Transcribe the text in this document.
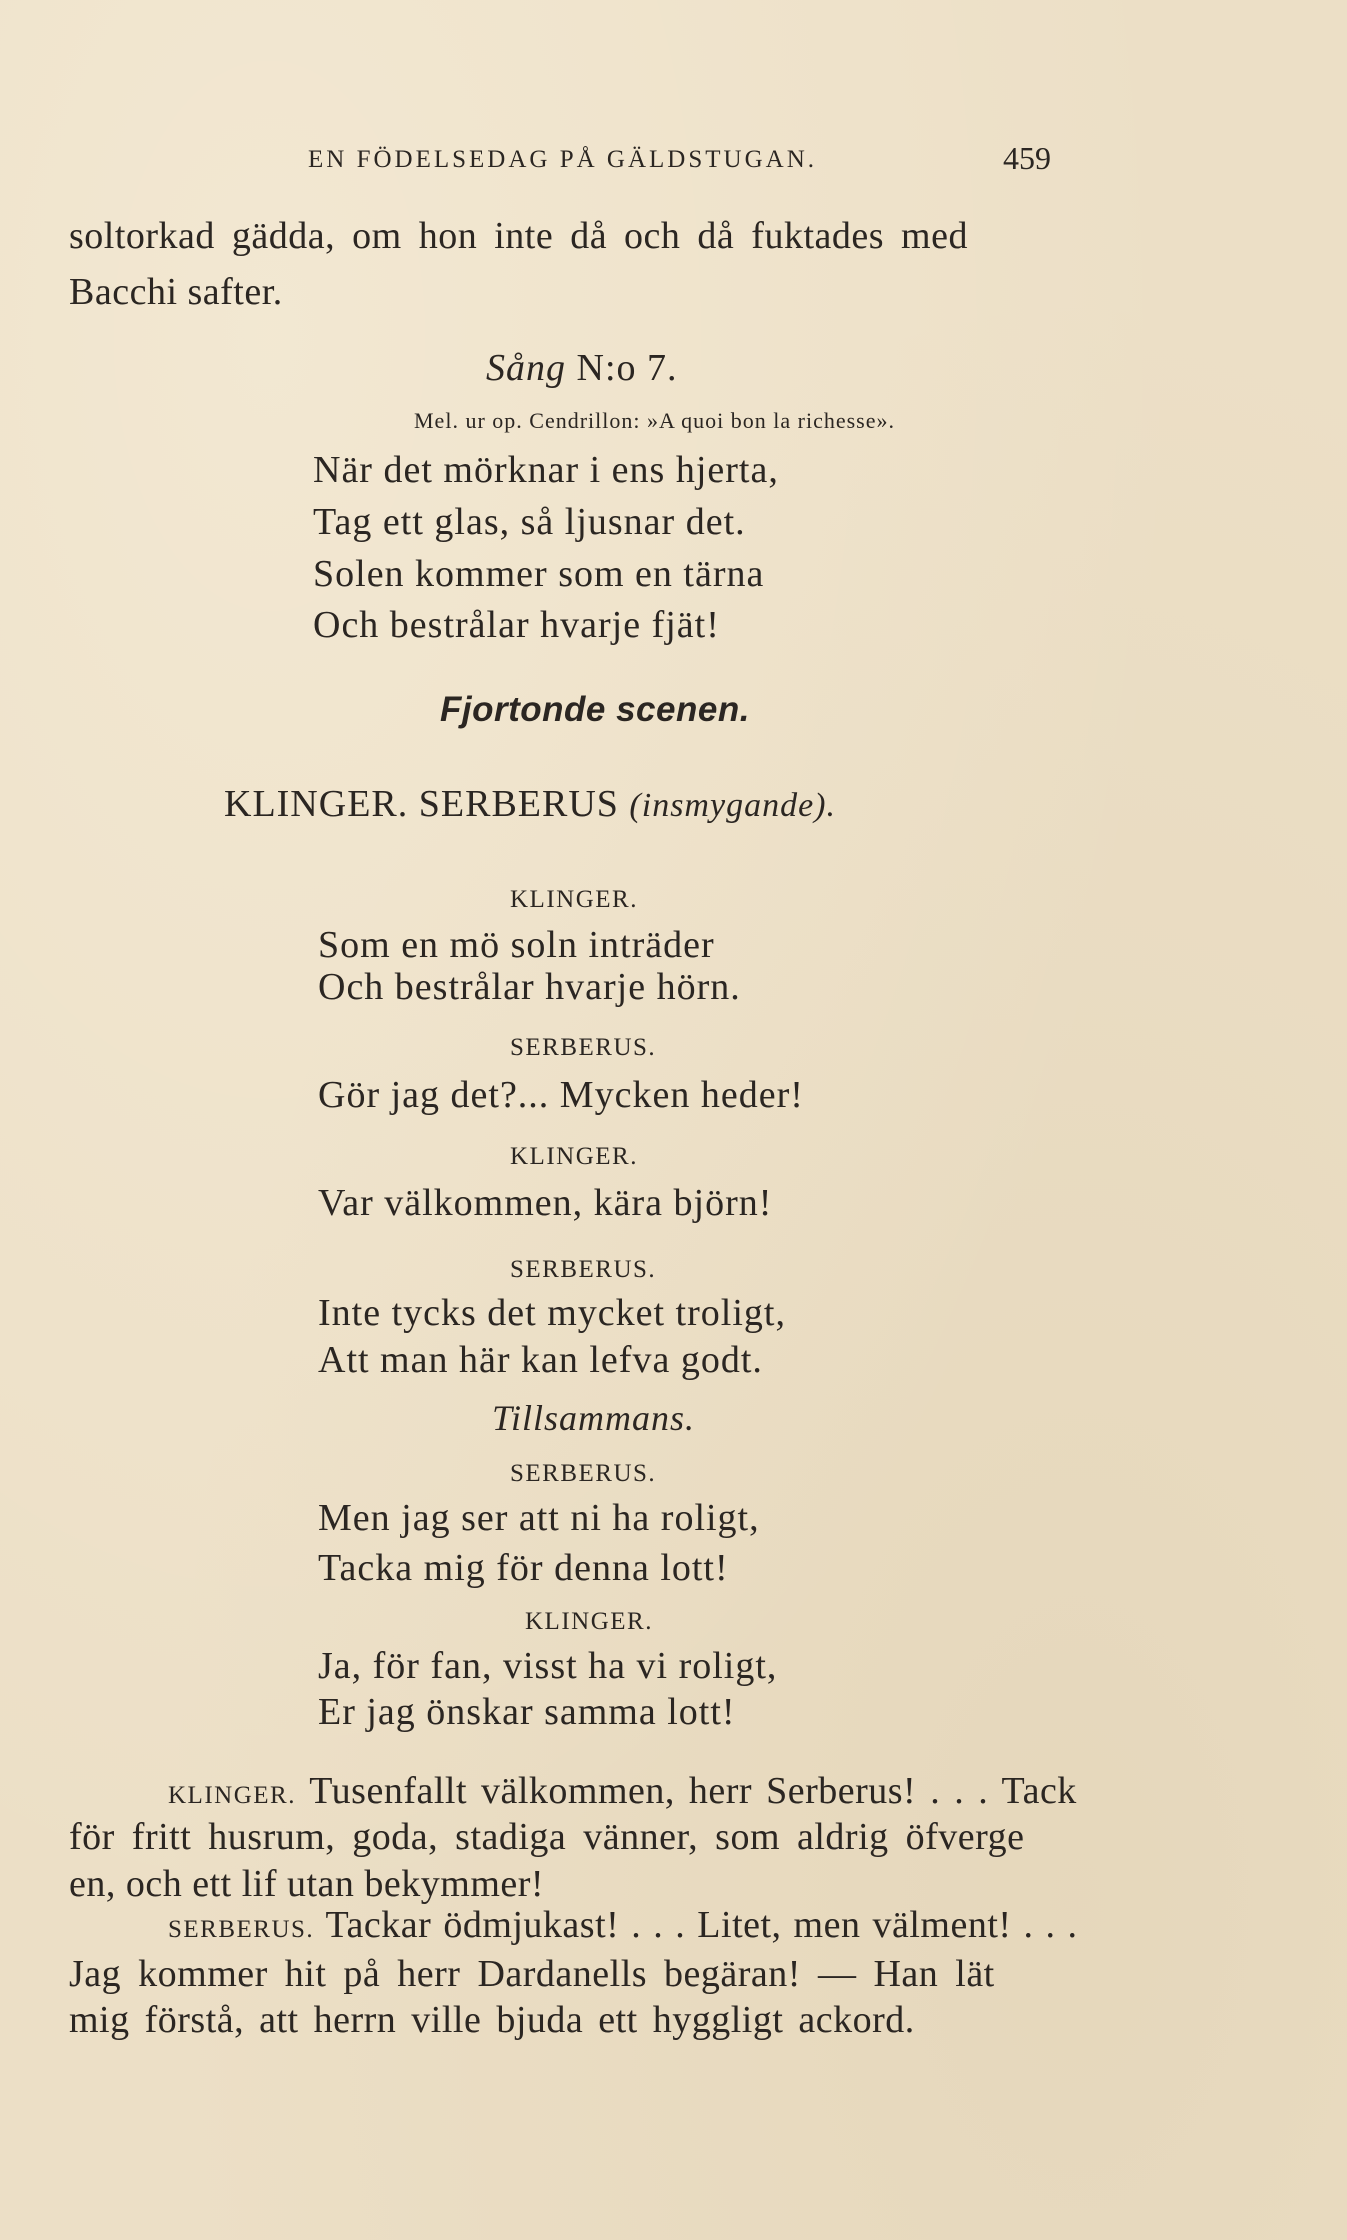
EN FÖDELSEDAG PÅ GÄLDSTUGAN.	459
soltorkad gädda, om hon inte då och då fuktades med
Bacchi safter.
Sång N:o 7.
Mel. ur op. Cendrillon: »A quoi bon la richesse».
När det mörknar i ens hjerta,
Tag ett glas, så ljusnar det.
Solen kommer som en tärna
Och bestrålar hvarje fjät!
Fjortonde scenen.
KLINGER. SERBERUS (insmygande).
KLINGER.
Som en mö soln inträder
Och bestrålar hvarje hörn.
SERBERUS.
Gör jag det?... Mycken heder!
KLINGER.
Var välkommen, kära björn!
SERBERUS.
Inte tycks det mycket troligt,
Att man här kan lefva godt.
Tillsammans.
SERBERUS.
Men jag ser att ni ha roligt,
Tacka mig för denna lott!
KLINGER.
Ja, för fan, visst ha vi roligt,
Er jag önskar samma lott!
KLINGER. Tusenfallt välkommen, herr Serberus! . . . Tack
för fritt husrum, goda, stadiga vänner, som aldrig öfverge
en, och ett lif utan bekymmer!
SERBERUS. Tackar ödmjukast! . . . Litet, men välment! . . .
Jag kommer hit på herr Dardanells begäran! — Han lät
mig förstå, att herrn ville bjuda ett hyggligt ackord.
